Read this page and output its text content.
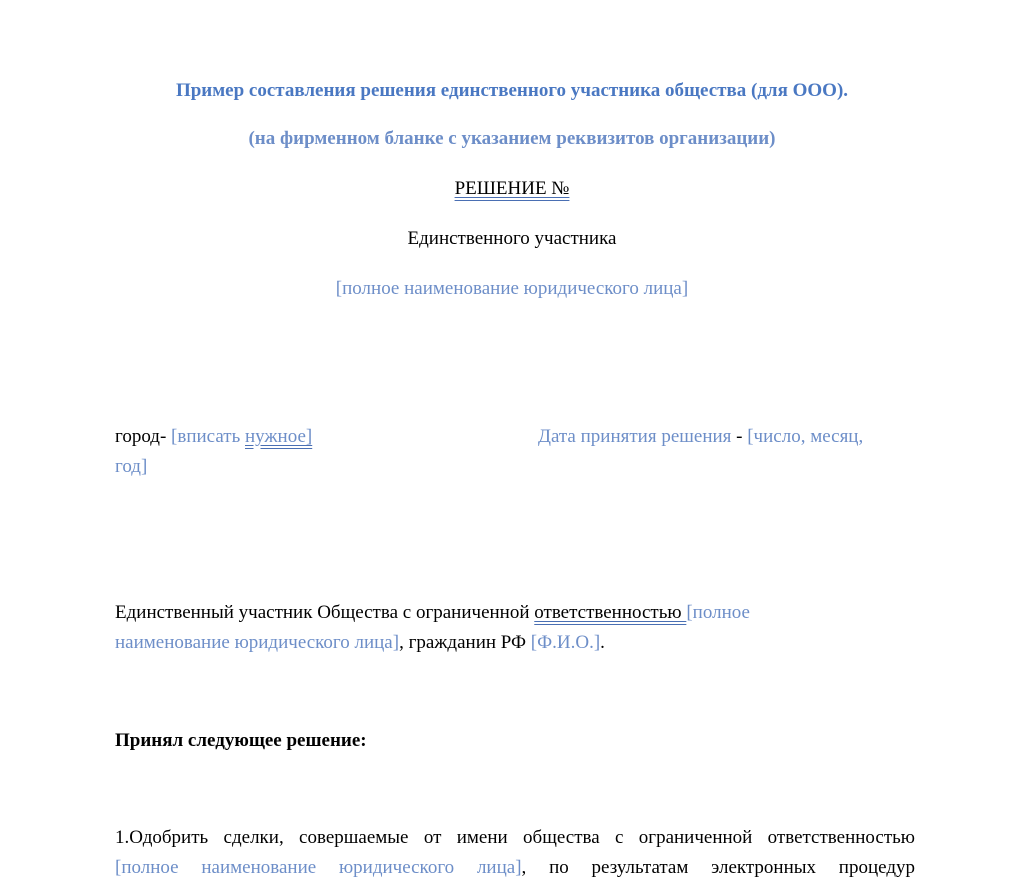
Пример составления решения единственного участника общества (для ООО).
(на фирменном бланке с указанием реквизитов организации)
РЕШЕНИЕ №
Единственного участника
[полное наименование юридического лица]
город- [вписать нужное]	Дата принятия решения - [число, месяц,
год]
Единственный участник Общества с ограниченной ответственностью [полное
наименование юридического лица], гражданин РФ [Ф.И.О.].
Принял следующее решение:
1.Одобрить сделки, совершаемые от имени общества с ограниченной ответственностью
[полное наименование юридического лица], по результатам электронных процедур
